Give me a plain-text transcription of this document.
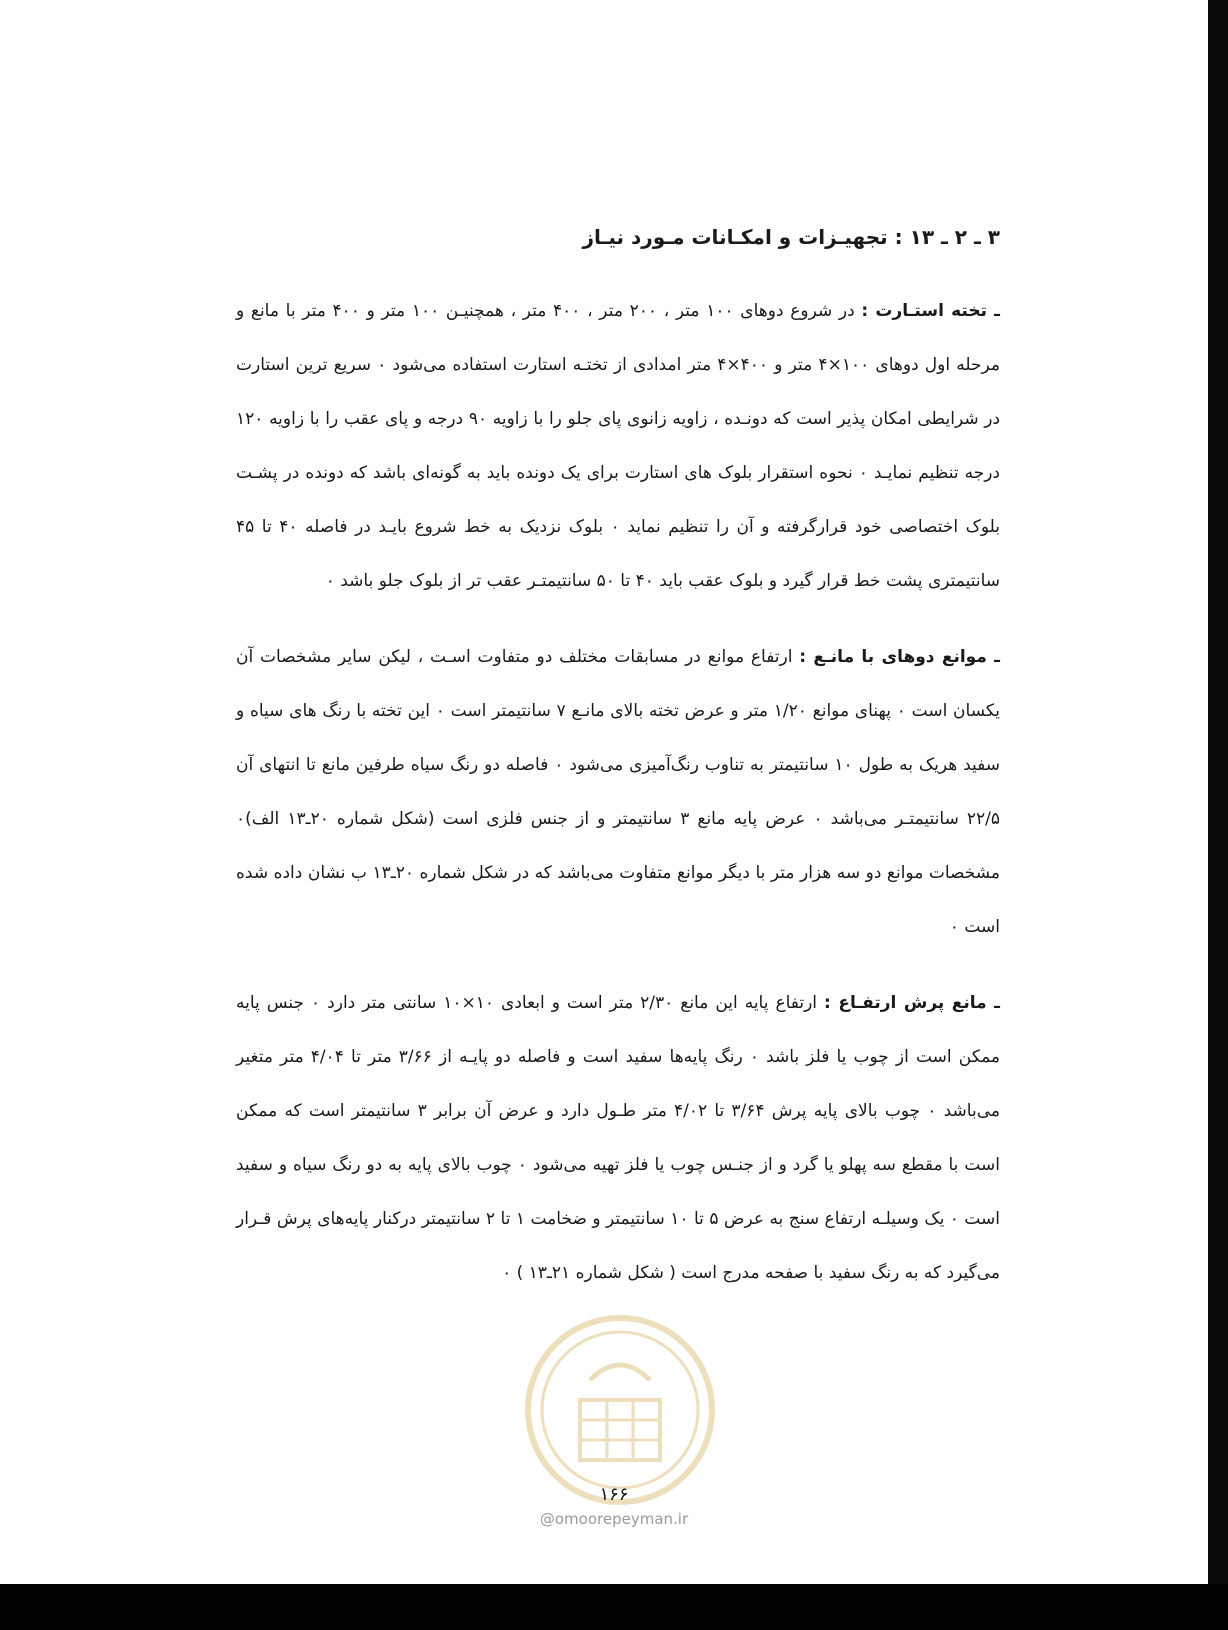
۳ ـ ۲ ـ ۱۳ : تجهیـزات و امکـانات مـورد نیـاز

ـ تخته استـارت : در شروع دوهای ۱۰۰ متر ، ۲۰۰ متر ، ۴۰۰ متر ، همچنیـن ۱۰۰ متر و ۴۰۰ متر با مانع و مرحله اول دوهای ۱۰۰×۴ متر و ۴۰۰×۴ متر امدادی از تختـه استارت استفاده می‌شود ۰ سریع ترین استارت در شرایطی امکان پذیر است که دونـده ، زاویه زانوی پای جلو را با زاویه ۹۰ درجه و پای عقب را با زاویه ۱۲۰ درجه تنظیم نمایـد ۰ نحوه استقرار بلوک های استارت برای یک دونده باید به گونه‌ای باشد که دونده در پشـت بلوک اختصاصی خود قرارگرفته و آن را تنظیم نماید ۰ بلوک نزدیک به خط شروع بایـد در فاصله ۴۰ تا ۴۵ سانتیمتری پشت خط قرار گیرد و بلوک عقب باید ۴۰ تا ۵۰ سانتیمتـر عقب تر از بلوک جلو باشد ۰

ـ موانع دوهای با مانـع : ارتفاع موانع در مسابقات مختلف دو متفاوت اسـت ، لیکن سایر مشخصات آن یکسان است ۰ پهنای موانع ۱/۲۰ متر و عرض تخته بالای مانـع ۷ سانتیمتر است ۰ این تخته با رنگ های سیاه و سفید هریک به طول ۱۰ سانتیمتر به تناوب رنگ‌آمیزی می‌شود ۰ فاصله دو رنگ سیاه طرفین مانع تا انتهای آن ۲۲/۵ سانتیمتـر می‌باشد ۰ عرض پایه مانع ۳ سانتیمتر و از جنس فلزی است (شکل شماره ۲۰ـ۱۳ الف)۰ مشخصات موانع دو سه هزار متر با دیگر موانع متفاوت می‌باشد که در شکل شماره ۲۰ـ۱۳ ب نشان داده شده است ۰

ـ مانع پرش ارتفـاع : ارتفاع پایه این مانع ۲/۳۰ متر است و ابعادی ۱۰×۱۰ سانتی متر دارد ۰ جنس پایه ممکن است از چوب یا فلز باشد ۰ رنگ پایه‌ها سفید است و فاصله دو پایـه از ۳/۶۶ متر تا ۴/۰۴ متر متغیر می‌باشد ۰ چوب بالای پایه پرش ۳/۶۴ تا ۴/۰۲ متر طـول دارد و عرض آن برابر ۳ سانتیمتر است که ممکن است با مقطع سه پهلو یا گرد و از جنـس چوب یا فلز تهیه می‌شود ۰ چوب بالای پایه به دو رنگ سیاه و سفید است ۰ یک وسیلـه ارتفاع سنج به عرض ۵ تا ۱۰ سانتیمتر و ضخامت ۱ تا ۲ سانتیمتر درکنار پایه‌های پرش قـرار می‌گیرد که به رنگ سفید با صفحه مدرج است ( شکل شماره ۲۱ـ۱۳ ) ۰

۱۶۶
@omoorepeyman.ir
